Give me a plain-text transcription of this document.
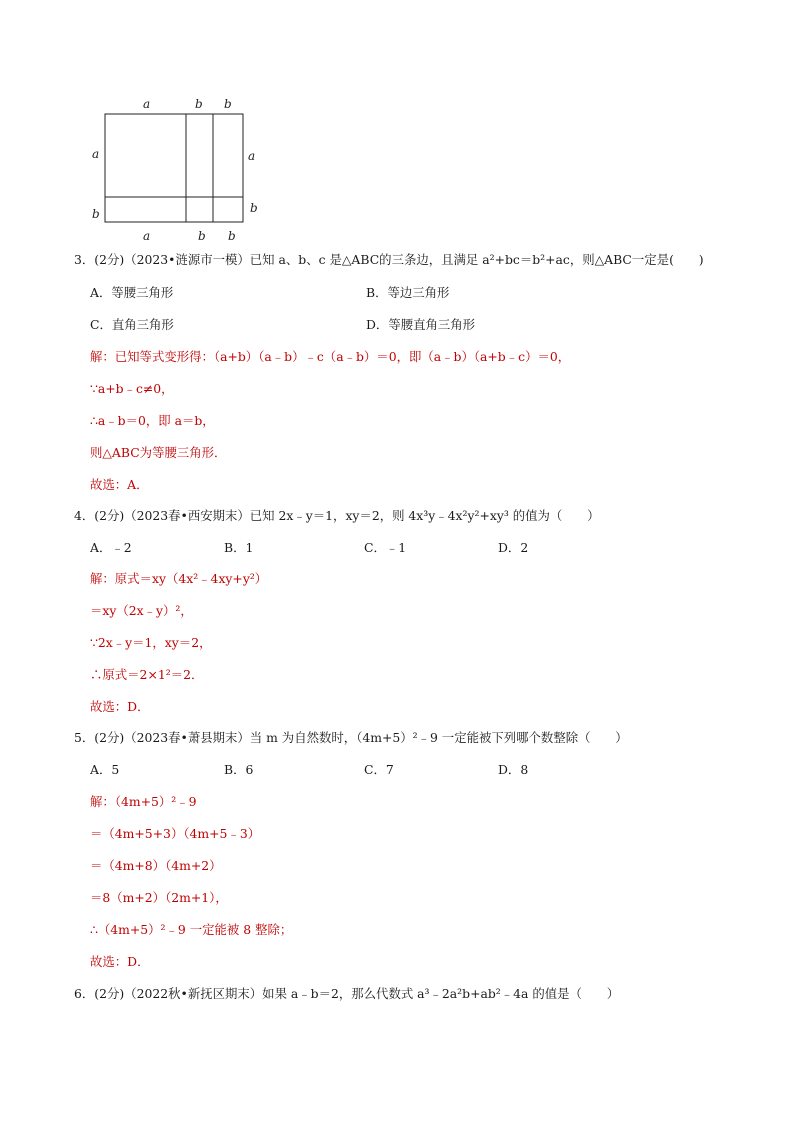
a	b b
a
b
a
b
a	b b
3．(2分)（2023•涟源市一模）已知 a、b、c 是△ABC的三条边，且满足 a²+bc＝b²+ac，则△ABC一定是(　　)
A．等腰三角形	B．等边三角形
C．直角三角形	D．等腰直角三角形
解：已知等式变形得：（a+b）（a﹣b）﹣c（a﹣b）＝0，即（a﹣b）（a+b﹣c）＝0，
∵a+b﹣c≠0，
∴a﹣b＝0，即 a＝b，
则△ABC为等腰三角形．
故选：A．
4．(2分)（2023春•西安期末）已知 2x﹣y＝1，xy＝2，则 4x³y﹣4x²y²+xy³ 的值为（　　）
A．﹣2	B．1	C．﹣1	D．2
解：原式＝xy（4x²﹣4xy+y²）
＝xy（2x﹣y）²，
∵2x﹣y＝1，xy＝2，
∴原式＝2×1²＝2．
故选：D．
5．(2分)（2023春•萧县期末）当 m 为自然数时，（4m+5）²﹣9 一定能被下列哪个数整除（　　）
A．5	B．6	C．7	D．8
解：（4m+5）²﹣9
＝（4m+5+3）（4m+5﹣3）
＝（4m+8）（4m+2）
＝8（m+2）（2m+1），
∴（4m+5）²﹣9 一定能被 8 整除；
故选：D．
6．(2分)（2022秋•新抚区期末）如果 a﹣b＝2，那么代数式 a³﹣2a²b+ab²﹣4a 的值是（　　）
